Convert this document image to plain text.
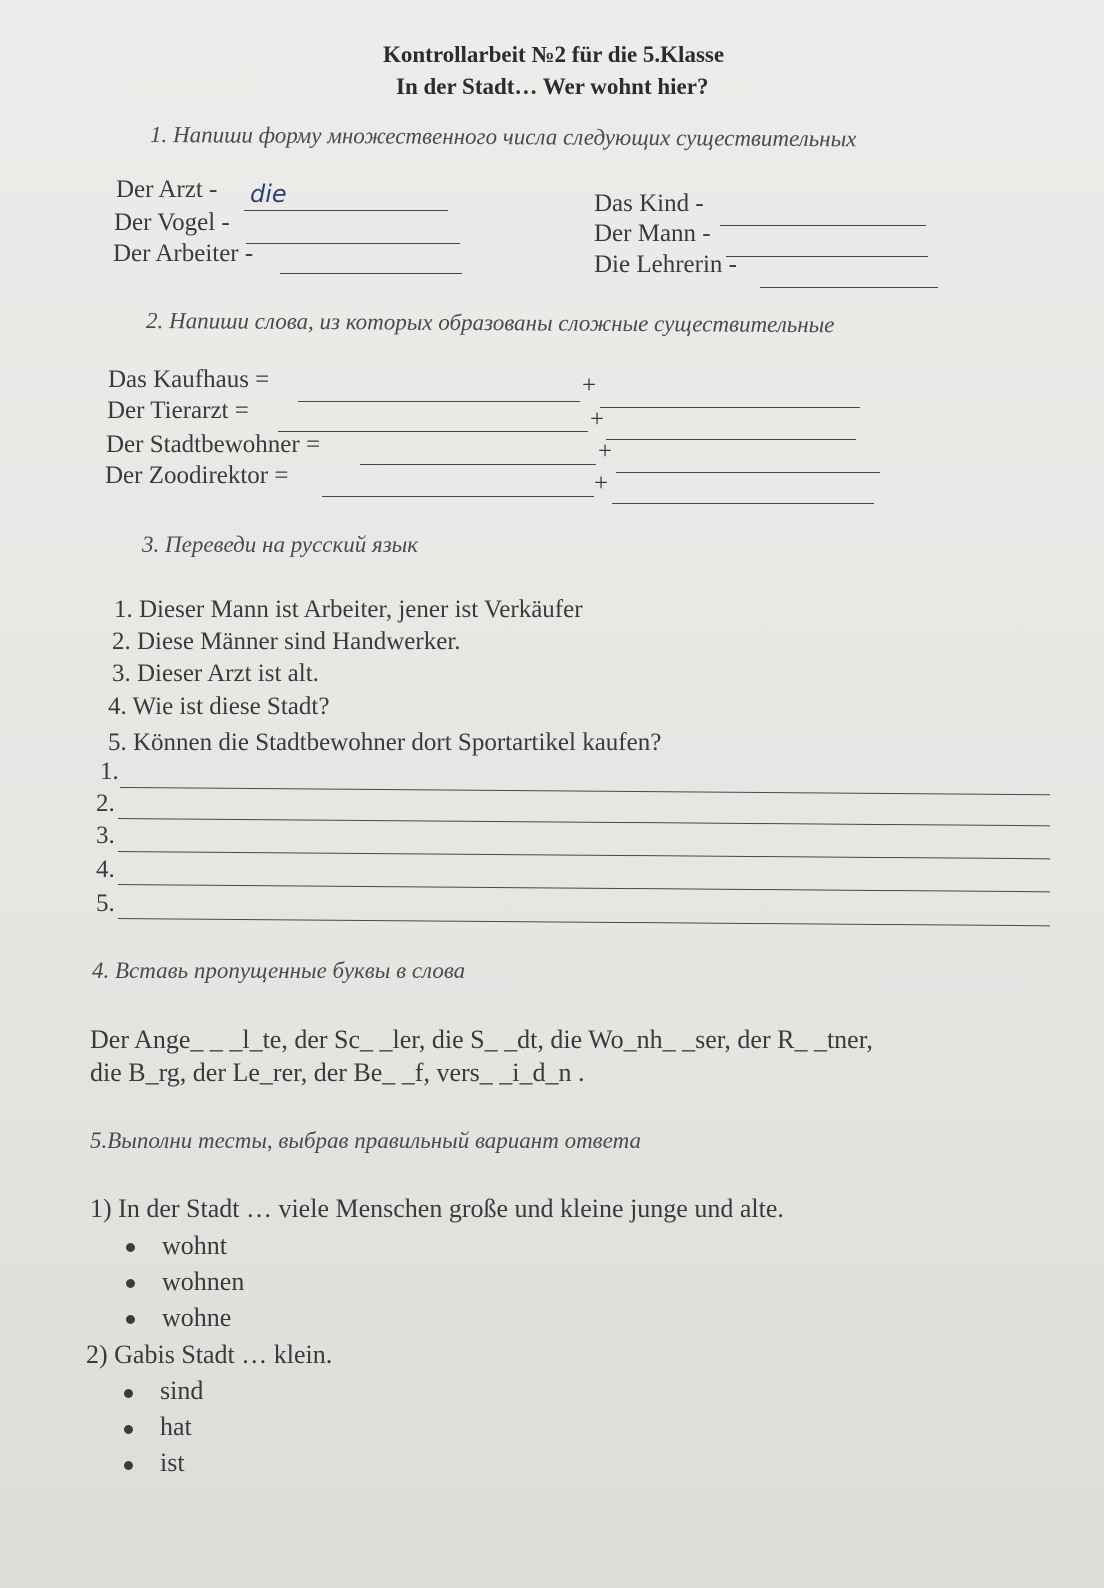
Kontrollarbeit №2 für die 5.Klasse
In der Stadt… Wer wohnt hier?
1. Напиши форму множественного числа следующих существительных
Der Arzt - die
Der Vogel -
Der Arbeiter -
Das Kind -
Der Mann -
Die Lehrerin -
2. Напиши слова, из которых образованы сложные существительные
Das Kaufhaus =	+
Der Tierarzt =	+
Der Stadtbewohner =	+
Der Zoodirektor =	+
3. Переведи на русский язык
1. Dieser Mann ist Arbeiter, jener ist Verkäufer
2. Diese Männer sind Handwerker.
3. Dieser Arzt ist alt.
4. Wie ist diese Stadt?
5. Können die Stadtbewohner dort Sportartikel kaufen?
1.
2.
3.
4.
5.
4. Вставь пропущенные буквы в слова
Der Ange_ _ _l_te, der Sc_ _ler, die S_ _dt, die Wo_nh_ _ser, der R_ _tner,
die B_rg, der Le_rer, der Be_ _f, vers_ _i_d_n .
5.Выполни тесты, выбрав правильный вариант ответа
1) In der Stadt … viele Menschen große und kleine junge und alte.
wohnt
wohnen
wohne
2) Gabis Stadt … klein.
sind
hat
ist
